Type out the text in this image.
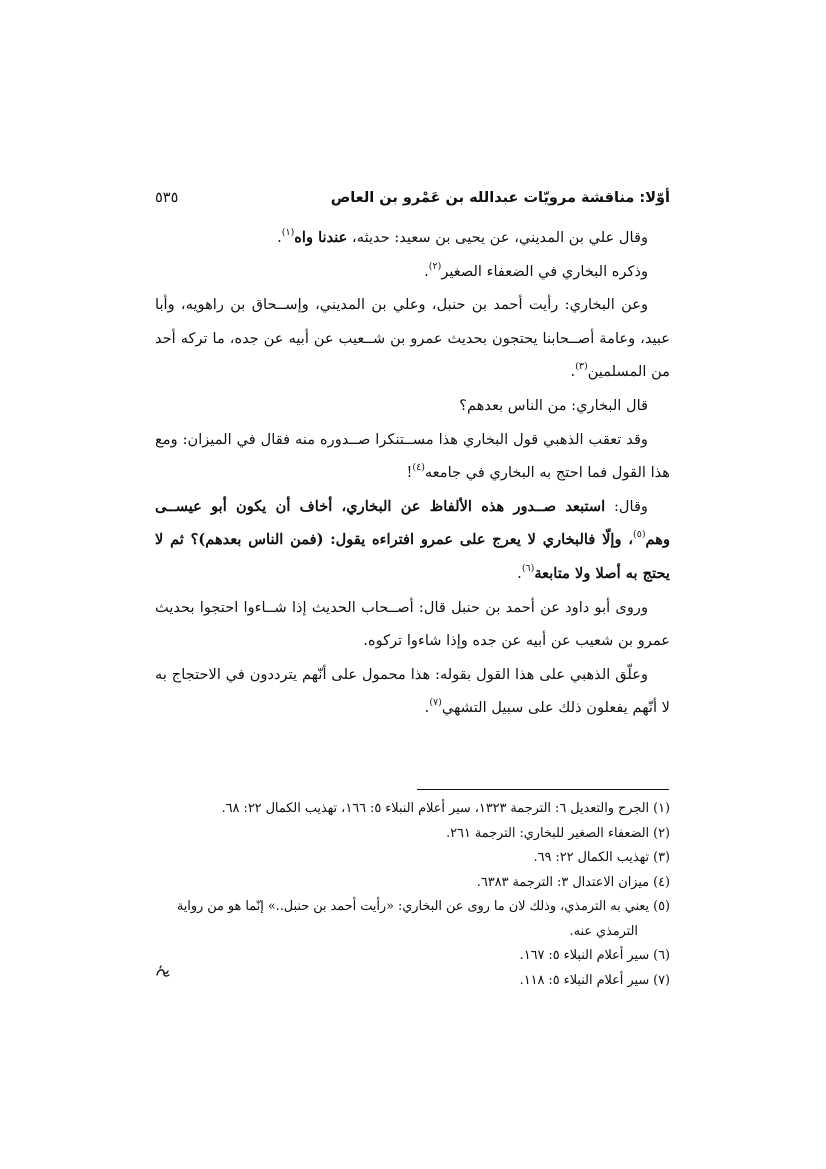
أوّلا: مناقشة مرويّات عبدالله بن عَمْرو بن العاص
٥٣٥

وقال علي بن المديني، عن يحيى بن سعيد: حديثه، عندنا واه$^{(١)}$.

وذكره البخاري في الضعفاء الصغير$^{(٢)}$.

وعن البخاري: رأيت أحمد بن حنبل، وعلي بن المديني، وإســحاق بن راهويه، وأبا عبيد، وعامة أصــحابنا يحتجون بحديث عمرو بن شــعيب عن أبيه عن جده، ما تركه أحد من المسلمين$^{(٣)}$.

قال البخاري: من الناس بعدهم؟

وقد تعقب الذهبي قول البخاري هذا مســتنكرا صــدوره منه فقال في الميزان: ومع هذا القول فما احتج به البخاري في جامعه$^{(٤)}$!

وقال: استبعد صــدور هذه الألفاظ عن البخاري، أخاف أن يكون أبو عيســى وهم$^{(٥)}$، وإلّا فالبخاري لا يعرج على عمرو افتراءه يقول: (فمن الناس بعدهم)؟ ثم لا يحتج به أصلا ولا متابعة$^{(٦)}$.

وروى أبو داود عن أحمد بن حنبل قال: أصــحاب الحديث إذا شــاءوا احتجوا بحديث عمرو بن شعيب عن أبيه عن جده وإذا شاءوا تركوه.

وعلّق الذهبي على هذا القول بقوله: هذا محمول على أنّهم يترددون في الاحتجاج به لا أنّهم يفعلون ذلك على سبيل التشهي$^{(٧)}$.

(١) الجرح والتعديل ٦: الترجمة ١٣٢٣، سير أعلام النبلاء ٥: ١٦٦، تهذيب الكمال ٢٢: ٦٨.

(٢) الضعفاء الصغير للبخاري: الترجمة ٢٦١.

(٣) تهذيب الكمال ٢٢: ٦٩.

(٤) ميزان الاعتدال ٣: الترجمة ٦٣٨٣.

(٥) يعني به الترمذي، وذلك لان ما روى عن البخاري: «رأيت أحمد بن حنبل..» إنّما هو من رواية

الترمذي عنه.

(٦) سير أعلام النبلاء ٥: ١٦٧.

(٧) سير أعلام النبلاء ٥: ١١٨.
